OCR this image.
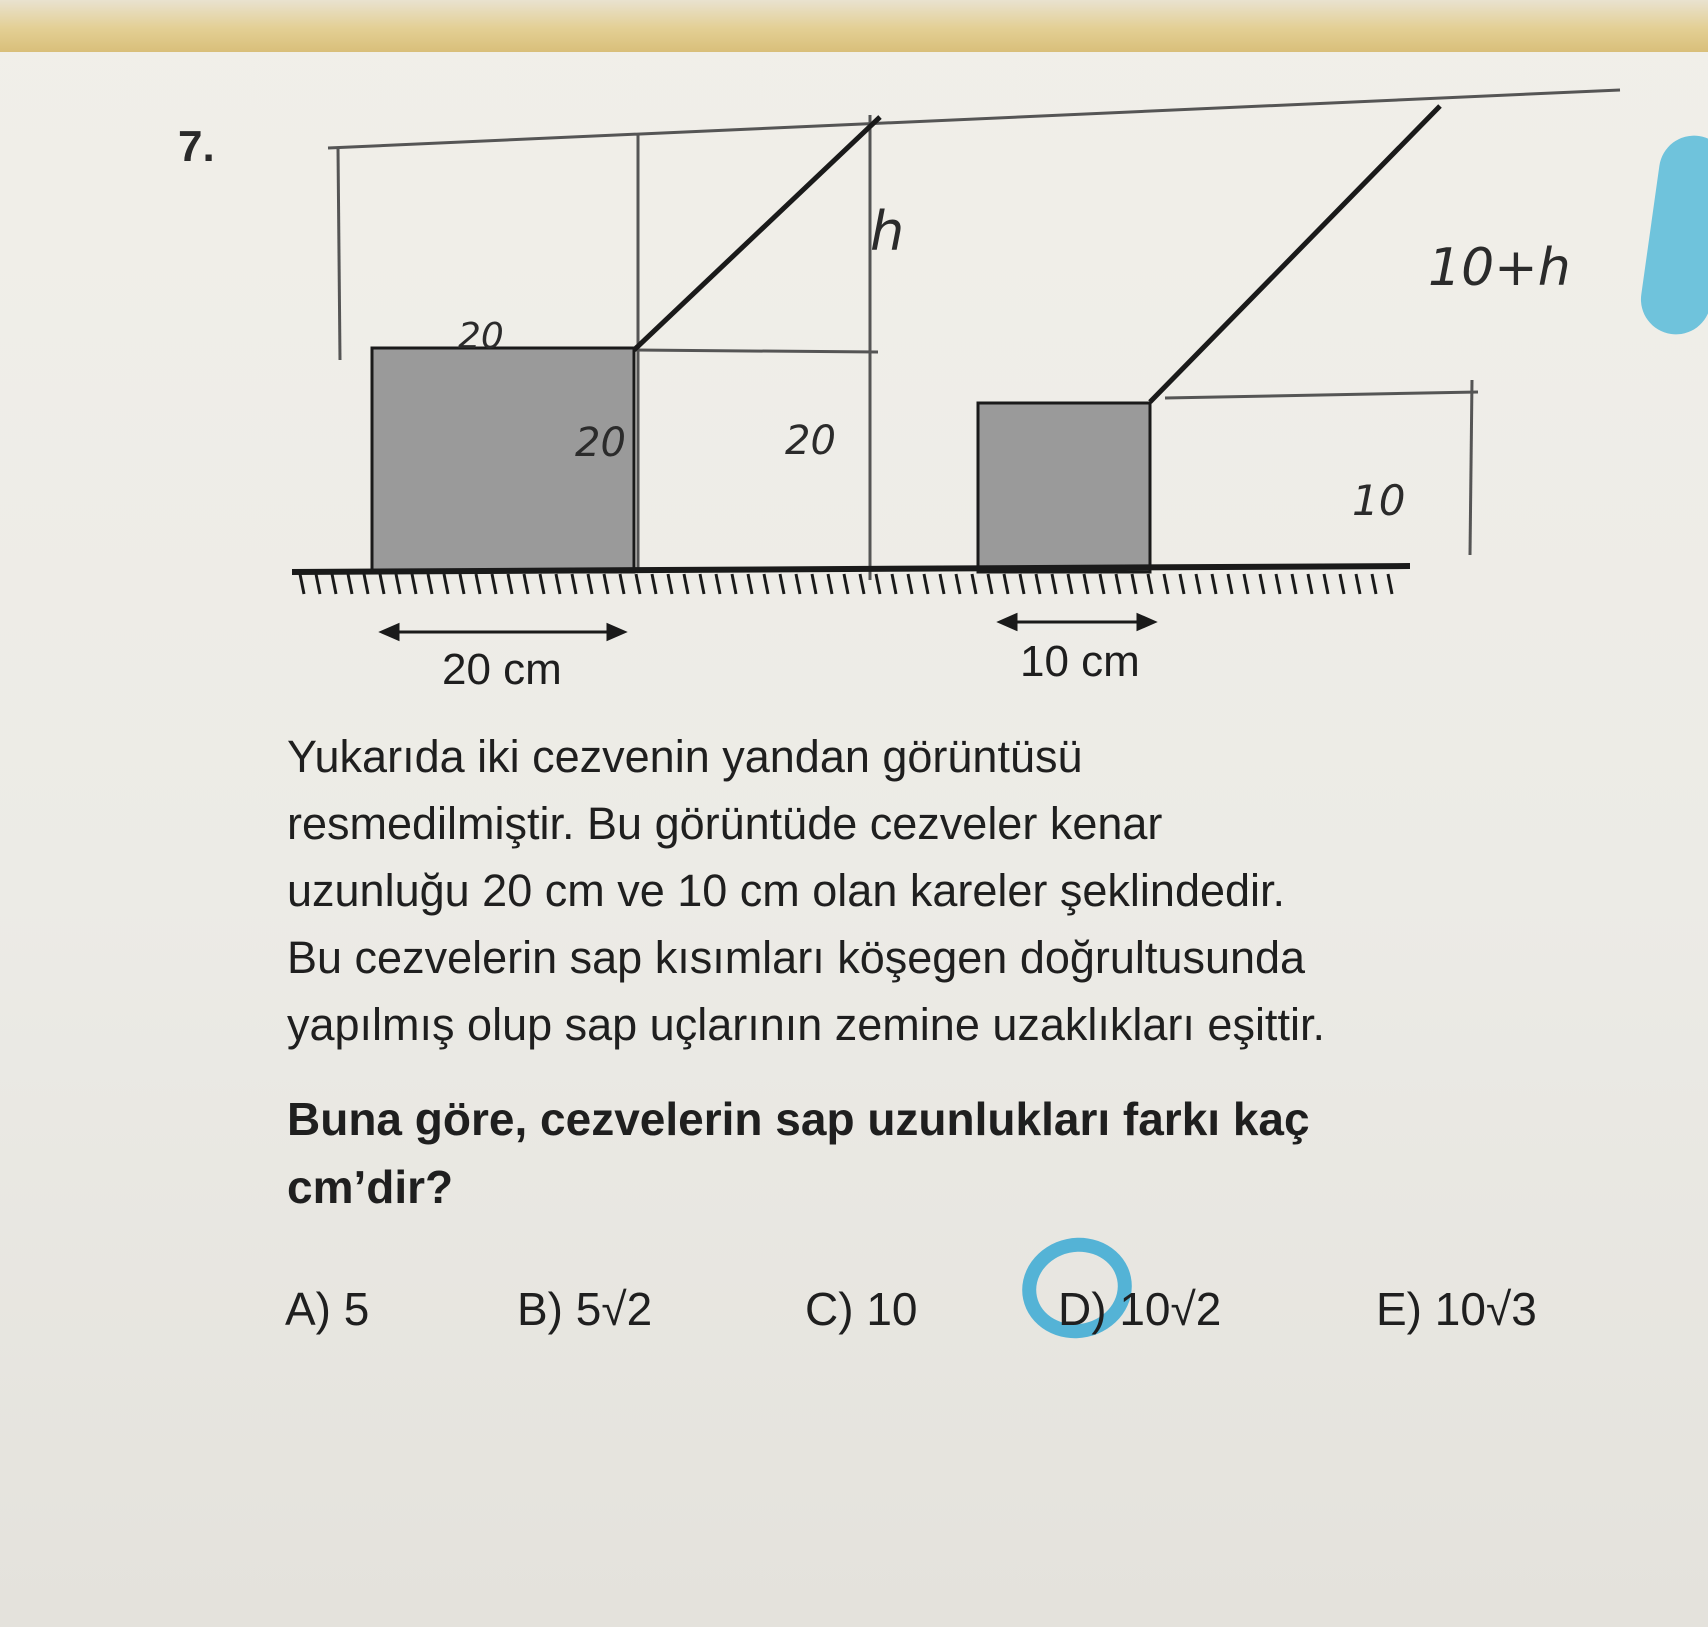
7.
20 cm	10 cm
20
20	20
h
10+h
10
Yukarıda iki cezvenin yandan görüntüsü
resmedilmiştir. Bu görüntüde cezveler kenar
uzunluğu 20 cm ve 10 cm olan kareler şeklindedir.
Bu cezvelerin sap kısımları köşegen doğrultusunda
yapılmış olup sap uçlarının zemine uzaklıkları eşittir.
Buna göre, cezvelerin sap uzunlukları farkı kaç
cm’dir?
A) 5	B) 5√2	C) 10	D) 10√2	E) 10√3
